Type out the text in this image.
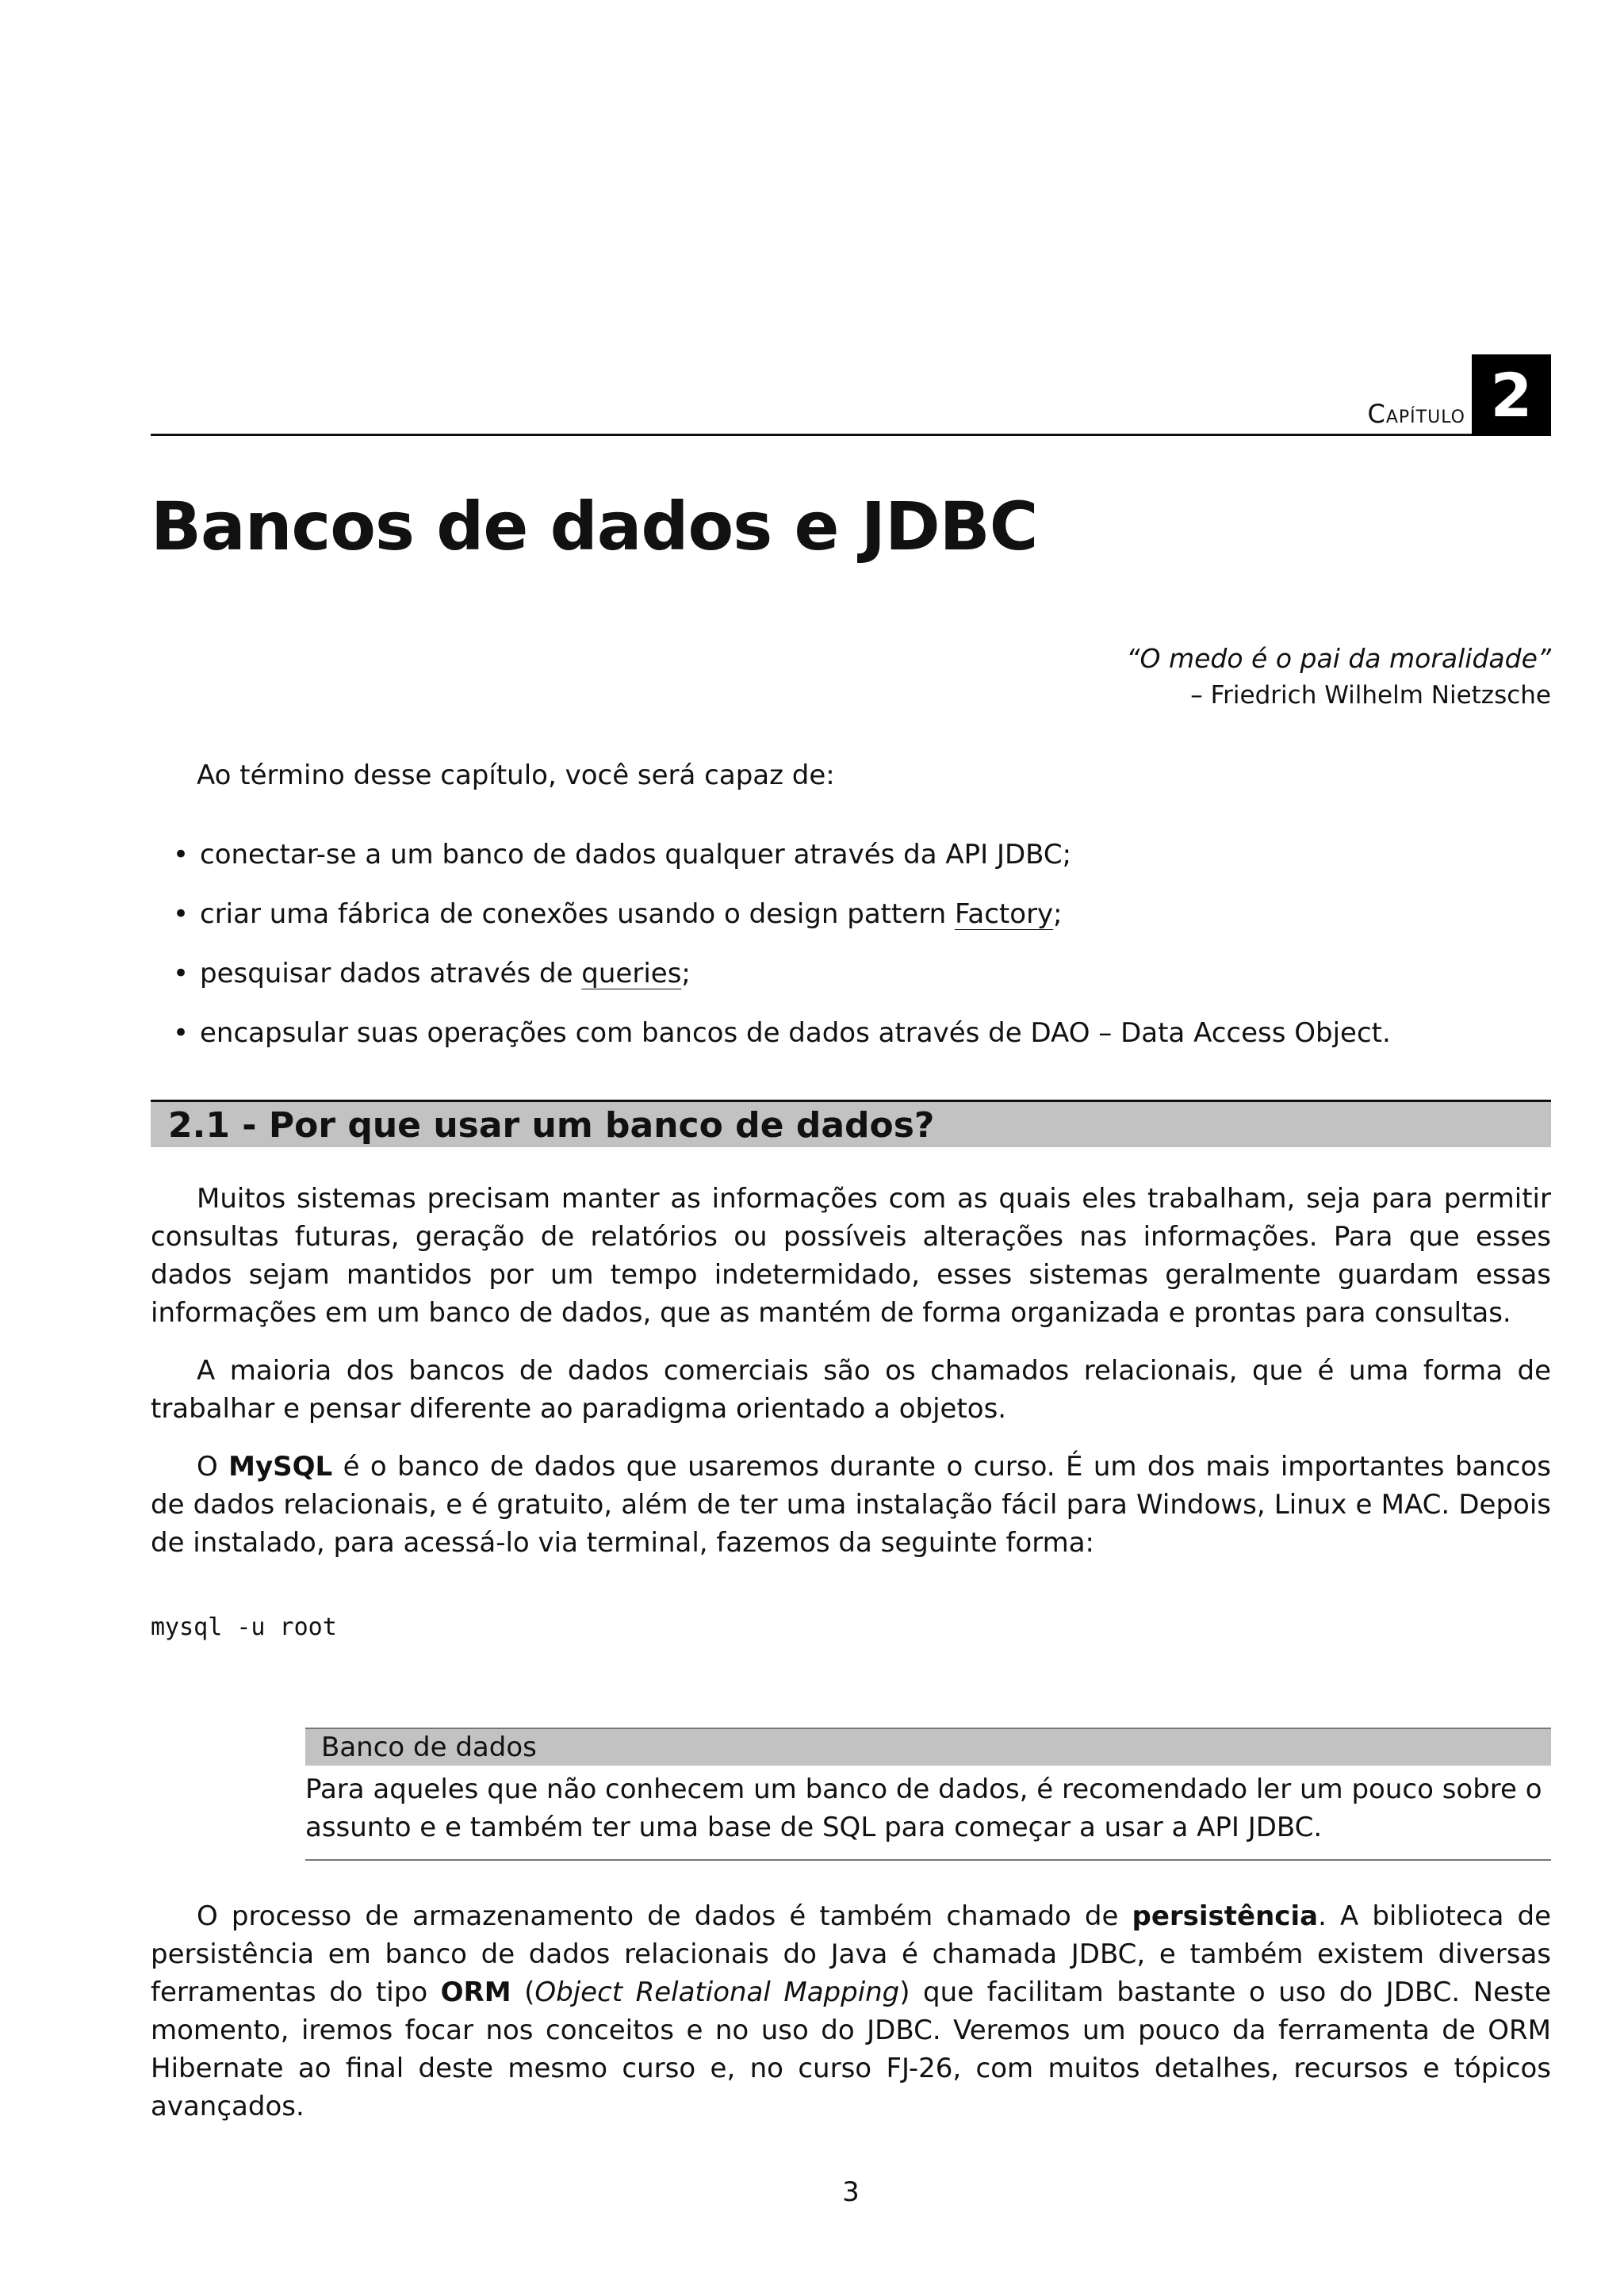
Capítulo 2
Bancos de dados e JDBC
“O medo é o pai da moralidade”
– Friedrich Wilhelm Nietzsche
Ao término desse capítulo, você será capaz de:
• conectar-se a um banco de dados qualquer através da API JDBC;
• criar uma fábrica de conexões usando o design pattern Factory;
• pesquisar dados através de queries;
• encapsular suas operações com bancos de dados através de DAO – Data Access Object.
2.1 - Por que usar um banco de dados?

Muitos sistemas precisam manter as informações com as quais eles trabalham, seja para permitir consultas futuras, geração de relatórios ou possíveis alterações nas informações. Para que esses dados sejam mantidos por um tempo indetermidado, esses sistemas geralmente guardam essas informações em um banco de dados, que as mantém de forma organizada e prontas para consultas.

A maioria dos bancos de dados comerciais são os chamados relacionais, que é uma forma de trabalhar e pensar diferente ao paradigma orientado a objetos.

O MySQL é o banco de dados que usaremos durante o curso. É um dos mais importantes bancos de dados relacionais, e é gratuito, além de ter uma instalação fácil para Windows, Linux e MAC. Depois de instalado, para acessá-lo via terminal, fazemos da seguinte forma:

mysql -u root
Banco de dados
Para aqueles que não conhecem um banco de dados, é recomendado ler um pouco sobre o assunto e e também ter uma base de SQL para começar a usar a API JDBC.

O processo de armazenamento de dados é também chamado de persistência. A biblioteca de persistência em banco de dados relacionais do Java é chamada JDBC, e também existem diversas ferramentas do tipo ORM (Object Relational Mapping) que facilitam bastante o uso do JDBC. Neste momento, iremos focar nos conceitos e no uso do JDBC. Veremos um pouco da ferramenta de ORM Hibernate ao final deste mesmo curso e, no curso FJ-26, com muitos detalhes, recursos e tópicos avançados.

3
